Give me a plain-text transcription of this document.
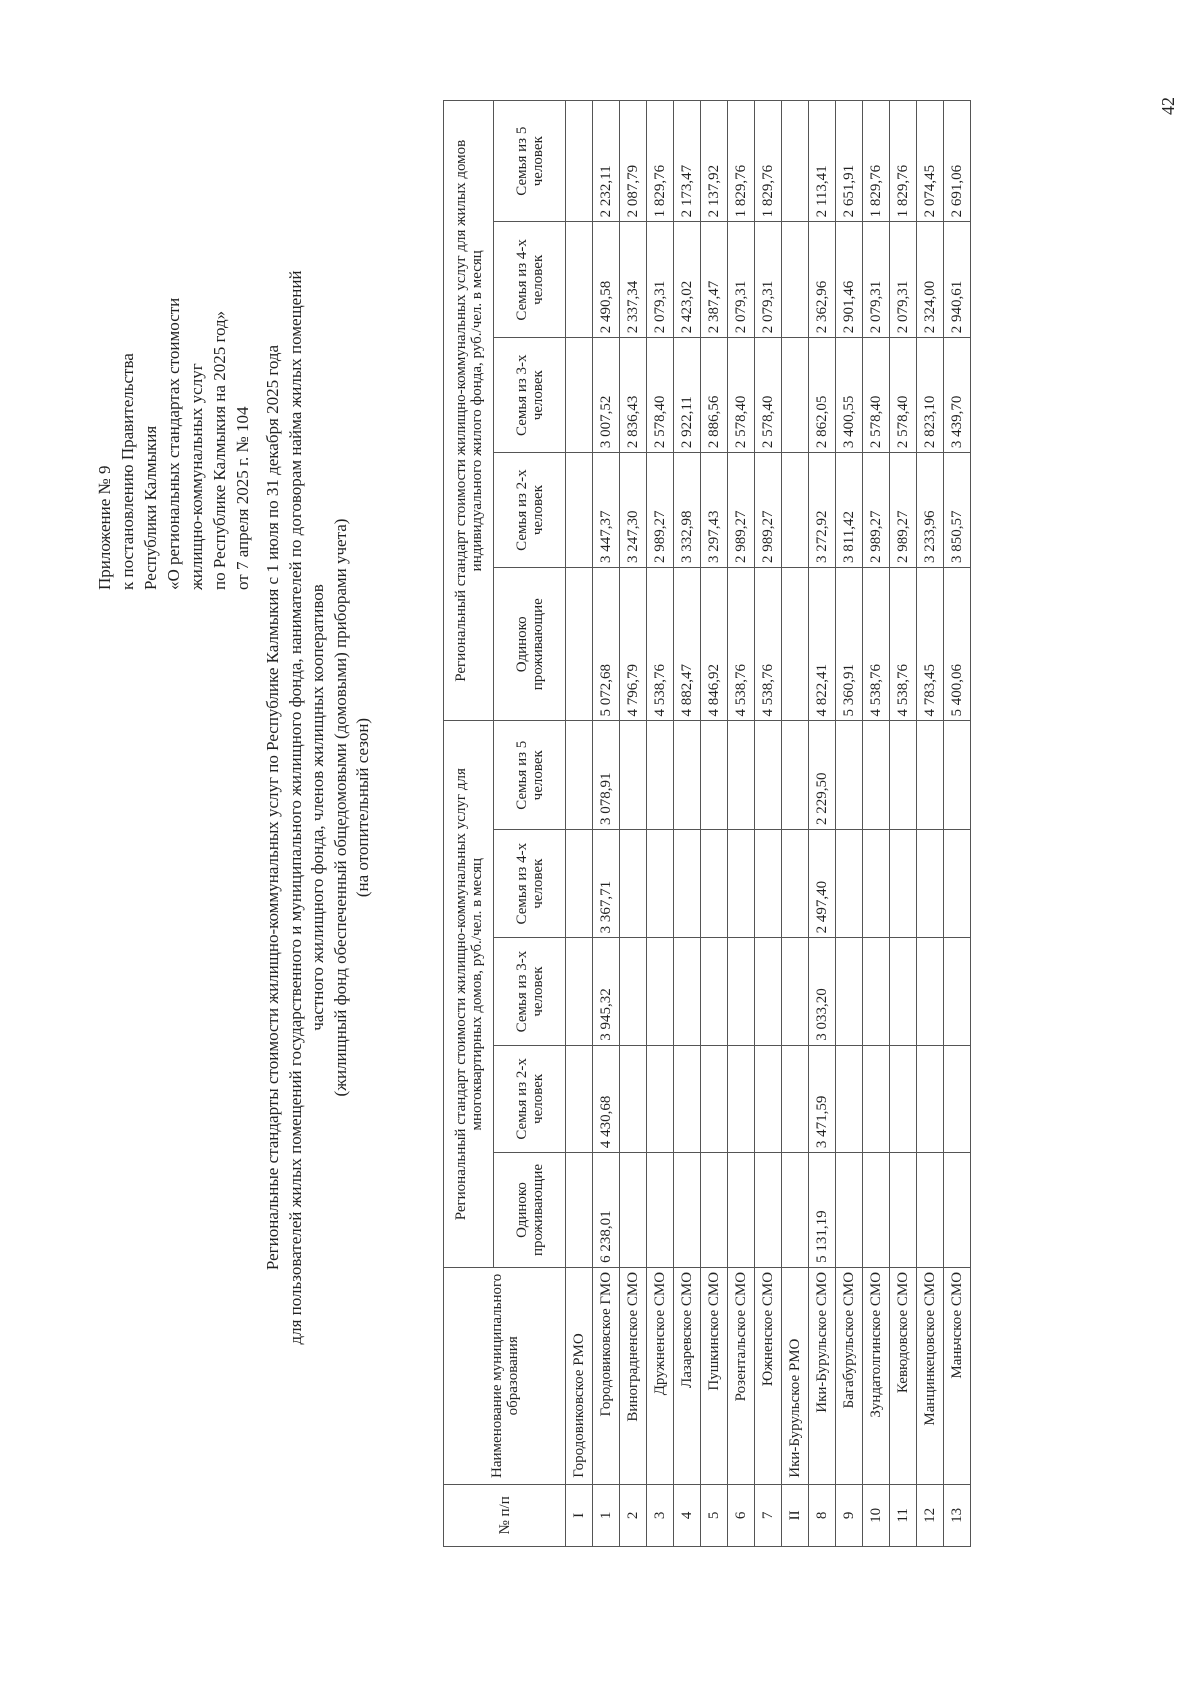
Приложение № 9 к постановлению Правительства Республики Калмыкия «О региональных стандартах стоимости жилищно-коммунальных услуг по Республике Калмыкия на 2025 год» от 7 апреля 2025 г. № 104 Региональные стандарты стоимости жилищно-коммунальных услуг по Республике Калмыкия с 1 июля по 31 декабря 2025 года для пользователей жилых помещений государственного и муниципального жилищного фонда, нанимателей по договорам найма жилых помещений частного жилищного фонда, членов жилищных кооперативов (жилищный фонд обеспеченный общедомовыми (домовыми) приборами учета) (на отопительный сезон)
№ п/п	Наименование муниципального образования	Региональный стандарт стоимости жилищно-коммунальных услуг для многоквартирных домов, руб./чел. в месяц					Региональный стандарт стоимости жилищно-коммунальных услуг для жилых домов индивидуального жилого фонда, руб./чел. в месяц				
		Одиноко проживающие	Семья из 2-х человек	Семья из 3-х человек	Семья из 4-х человек	Семья из 5 человек	Одиноко проживающие	Семья из 2-х человек	Семья из 3-х человек	Семья из 4-х человек	Семья из 5 человек
I	Городовиковское РМО										
1	Городовиковское ГМО	6 238,01	4 430,68	3 945,32	3 367,71	3 078,91	5 072,68	3 447,37	3 007,52	2 490,58	2 232,11
2	Виноградненское СМО						4 796,79	3 247,30	2 836,43	2 337,34	2 087,79
3	Дружненское СМО						4 538,76	2 989,27	2 578,40	2 079,31	1 829,76
4	Лазаревское СМО						4 882,47	3 332,98	2 922,11	2 423,02	2 173,47
5	Пушкинское СМО						4 846,92	3 297,43	2 886,56	2 387,47	2 137,92
6	Розентальское СМО						4 538,76	2 989,27	2 578,40	2 079,31	1 829,76
7	Южненское СМО						4 538,76	2 989,27	2 578,40	2 079,31	1 829,76
II	Ики-Бурульское РМО										
8	Ики-Бурульское СМО	5 131,19	3 471,59	3 033,20	2 497,40	2 229,50	4 822,41	3 272,92	2 862,05	2 362,96	2 113,41
9	Багабурульское СМО						5 360,91	3 811,42	3 400,55	2 901,46	2 651,91
10	Зундатолгинское СМО						4 538,76	2 989,27	2 578,40	2 079,31	1 829,76
11	Кевюдовское СМО						4 538,76	2 989,27	2 578,40	2 079,31	1 829,76
12	Манцинкецовское СМО						4 783,45	3 233,96	2 823,10	2 324,00	2 074,45
13	Маньчское СМО						5 400,06	3 850,57	3 439,70	2 940,61	2 691,06
42
